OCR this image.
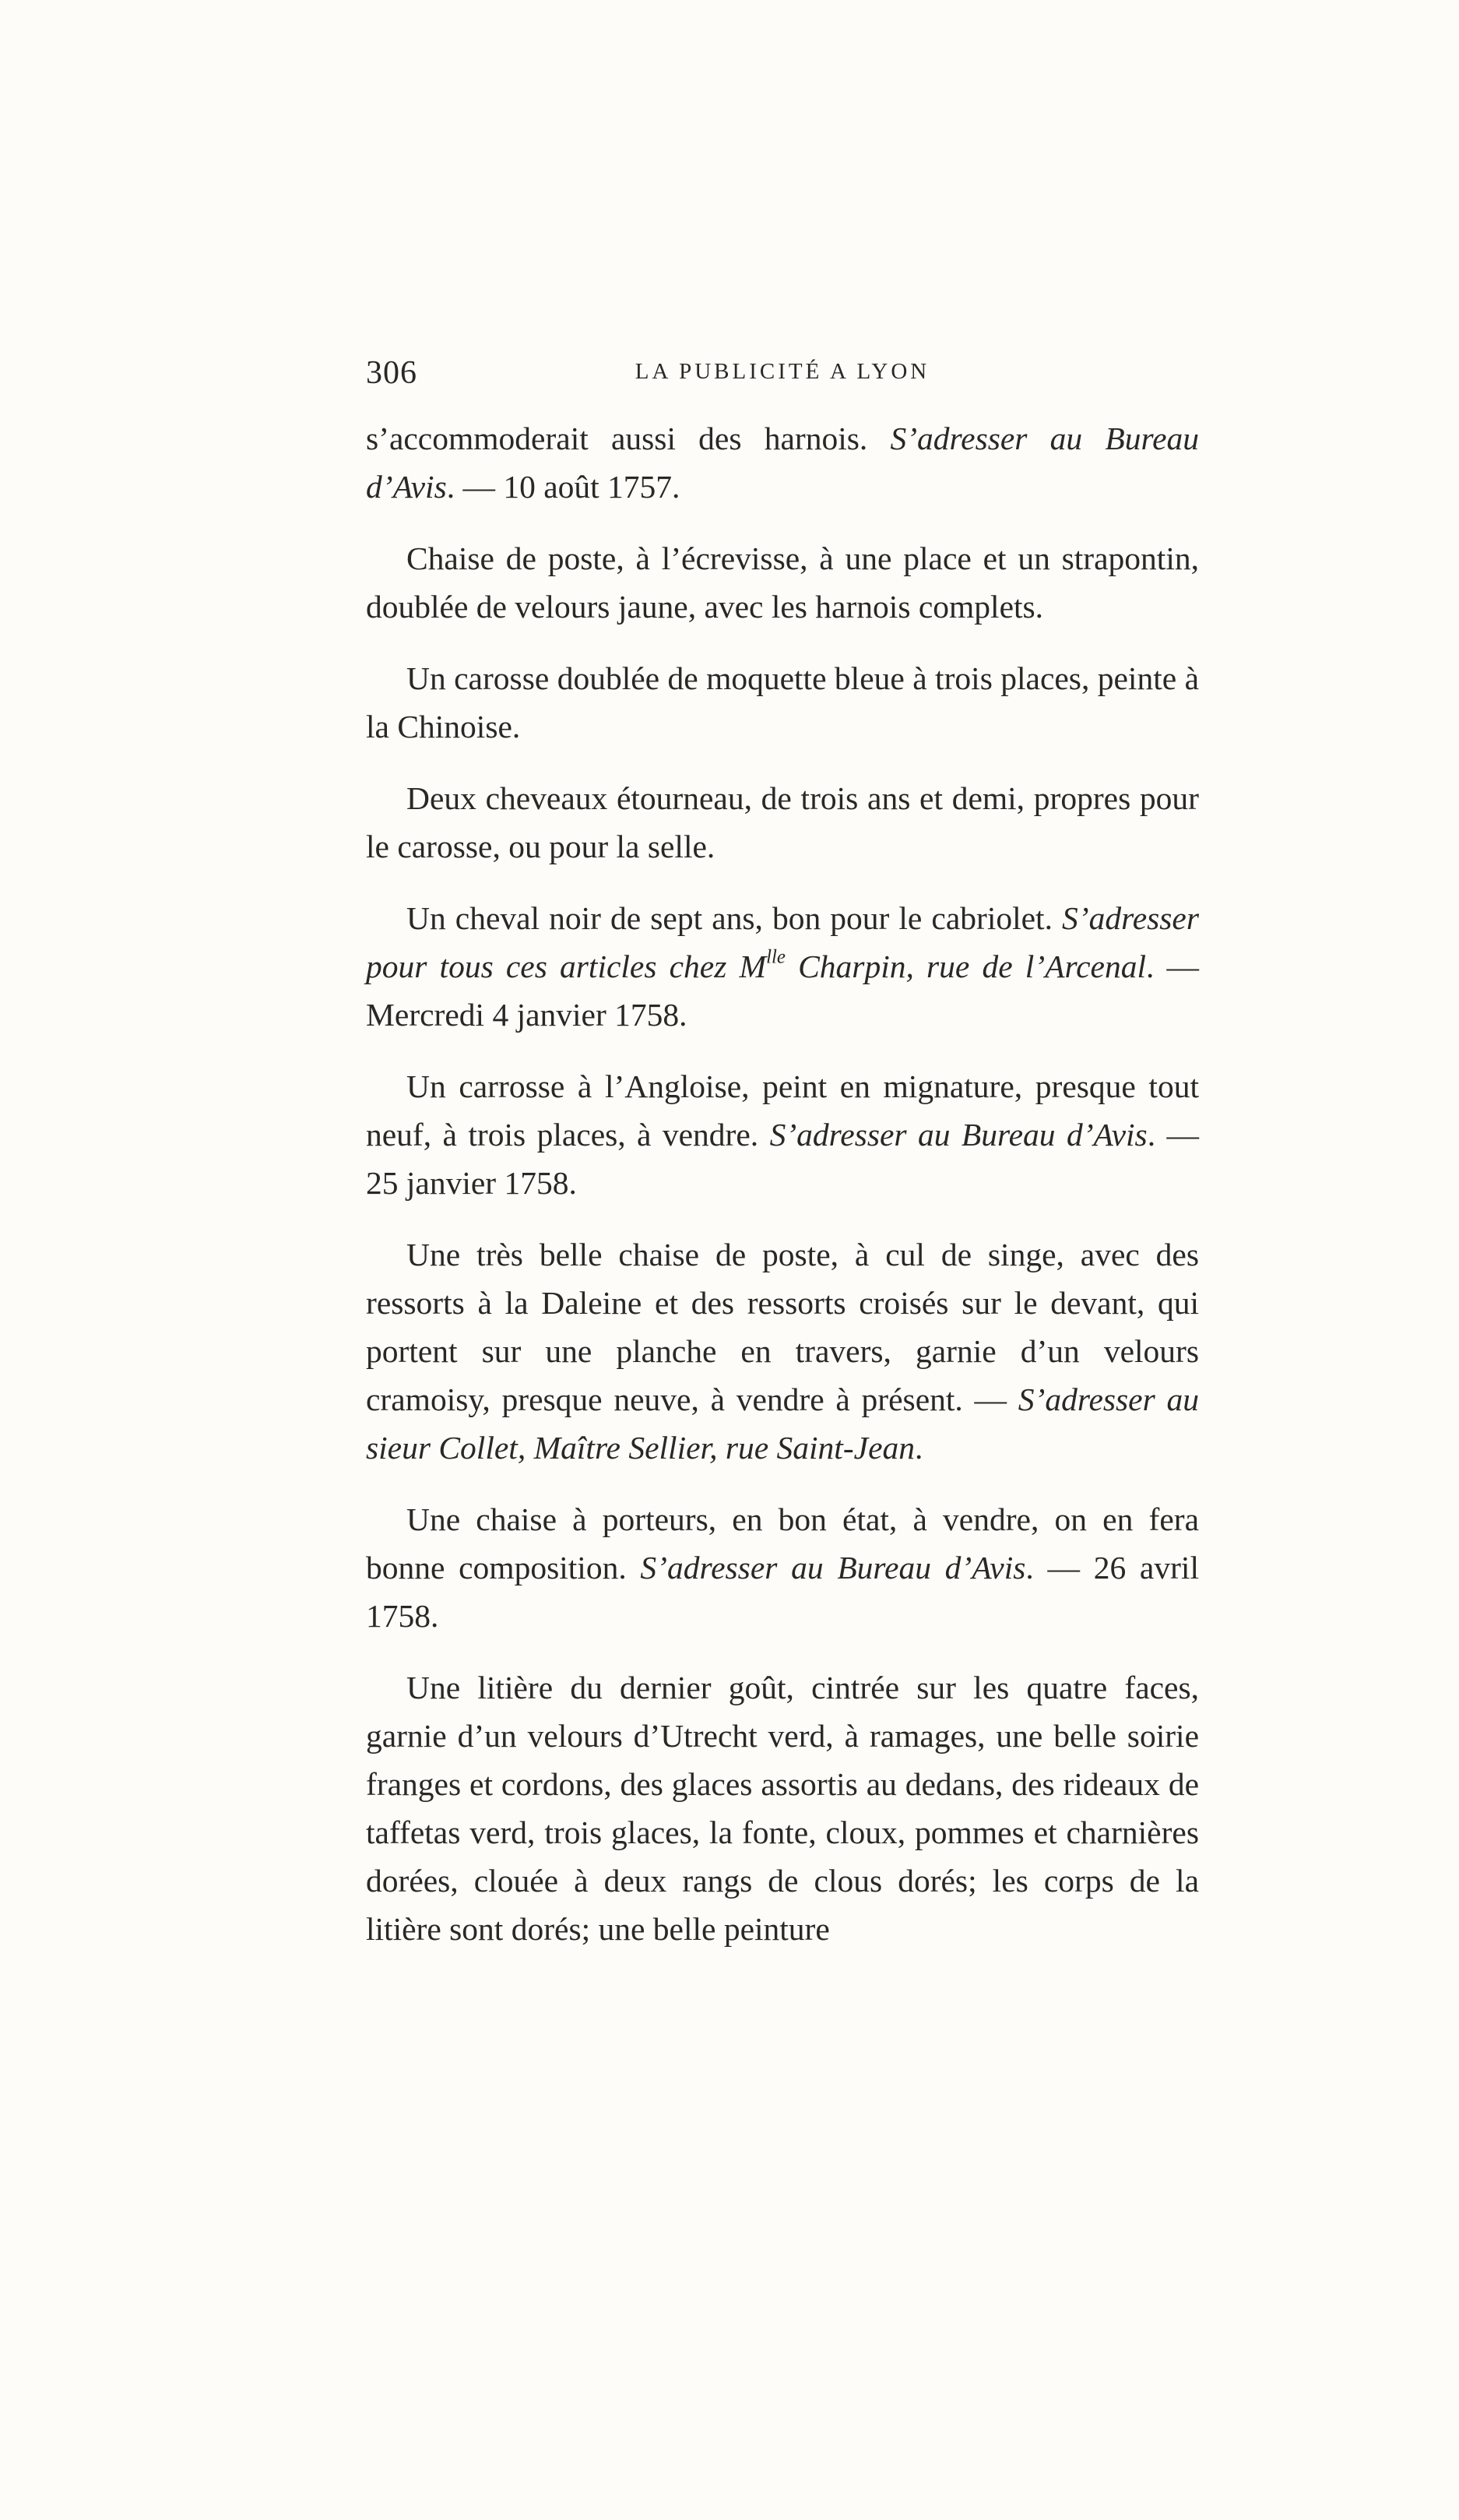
306	LA PUBLICITÉ A LYON

s’accommoderait aussi des harnois. S’adresser au Bureau d’Avis. — 10 août 1757.

Chaise de poste, à l’écrevisse, à une place et un strapontin, doublée de velours jaune, avec les harnois complets.

Un carosse doublée de moquette bleue à trois places, peinte à la Chinoise.

Deux cheveaux étourneau, de trois ans et demi, propres pour le carosse, ou pour la selle.

Un cheval noir de sept ans, bon pour le cabriolet. S’adresser pour tous ces articles chez $M^{lle}$ Charpin, rue de l’Arcenal. — Mercredi 4 janvier 1758.

Un carrosse à l’Angloise, peint en mignature, presque tout neuf, à trois places, à vendre. S’adresser au Bureau d’Avis. — 25 janvier 1758.

Une très belle chaise de poste, à cul de singe, avec des ressorts à la Daleine et des ressorts croisés sur le devant, qui portent sur une planche en travers, garnie d’un velours cramoisy, presque neuve, à vendre à présent. — S’adresser au sieur Collet, Maître Sellier, rue Saint-Jean.

Une chaise à porteurs, en bon état, à vendre, on en fera bonne composition. S’adresser au Bureau d’Avis. — 26 avril 1758.

Une litière du dernier goût, cintrée sur les quatre faces, garnie d’un velours d’Utrecht verd, à ramages, une belle soirie franges et cordons, des glaces assortis au dedans, des rideaux de taffetas verd, trois glaces, la fonte, cloux, pommes et charnières dorées, clouée à deux rangs de clous dorés; les corps de la litière sont dorés; une belle peinture
